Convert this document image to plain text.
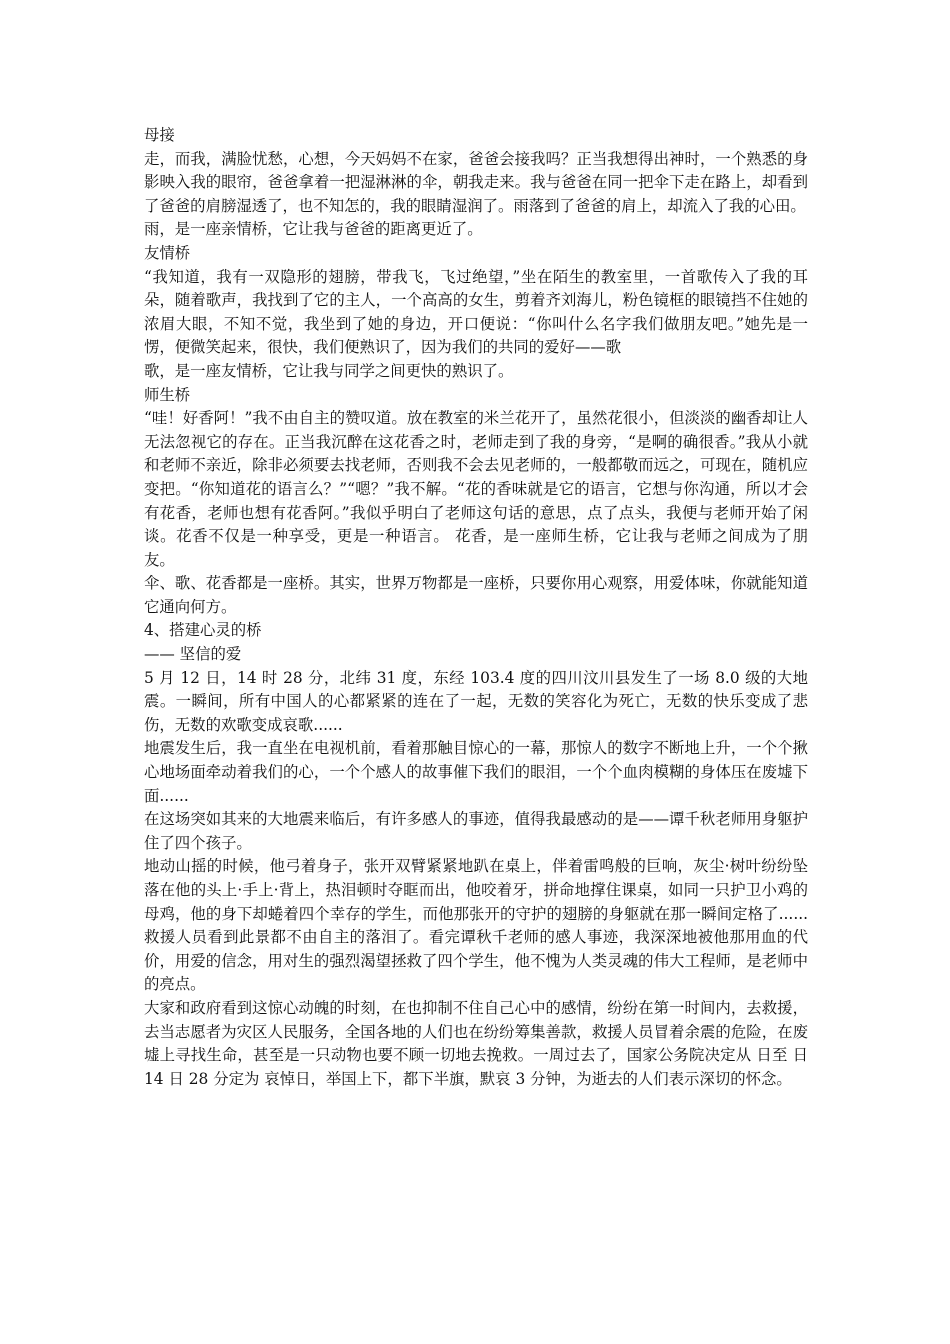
母接

走，而我，满脸忧愁，心想，今天妈妈不在家，爸爸会接我吗？正当我想得出神时，一个熟悉的身影映入我的眼帘，爸爸拿着一把湿淋淋的伞，朝我走来。我与爸爸在同一把伞下走在路上，却看到了爸爸的肩膀湿透了，也不知怎的，我的眼睛湿润了。雨落到了爸爸的肩上，却流入了我的心田。

雨，是一座亲情桥，它让我与爸爸的距离更近了。

友情桥

“我知道，我有一双隐形的翅膀，带我飞，飞过绝望，”坐在陌生的教室里，一首歌传入了我的耳朵，随着歌声，我找到了它的主人，一个高高的女生，剪着齐刘海儿，粉色镜框的眼镜挡不住她的浓眉大眼，不知不觉，我坐到了她的身边，开口便说：“你叫什么名字我们做朋友吧。”她先是一愣，便微笑起来，很快，我们便熟识了，因为我们的共同的爱好——歌

歌，是一座友情桥，它让我与同学之间更快的熟识了。

师生桥

“哇！好香阿！”我不由自主的赞叹道。放在教室的米兰花开了，虽然花很小，但淡淡的幽香却让人无法忽视它的存在。正当我沉醉在这花香之时，老师走到了我的身旁，“是啊的确很香。”我从小就和老师不亲近，除非必须要去找老师，否则我不会去见老师的，一般都敬而远之，可现在，随机应变把。“你知道花的语言么？”“嗯？”我不解。“花的香味就是它的语言，它想与你沟通，所以才会有花香，老师也想有花香阿。”我似乎明白了老师这句话的意思，点了点头，我便与老师开始了闲谈。花香不仅是一种享受，更是一种语言。 花香，是一座师生桥，它让我与老师之间成为了朋友。

伞、歌、花香都是一座桥。其实，世界万物都是一座桥，只要你用心观察，用爱体味，你就能知道它通向何方。

4、搭建心灵的桥

—— 坚信的爱

5 月 12 日，14 时 28 分，北纬 31 度，东经 103.4 度的四川汶川县发生了一场 8.0 级的大地震。一瞬间，所有中国人的心都紧紧的连在了一起，无数的笑容化为死亡，无数的快乐变成了悲伤，无数的欢歌变成哀歌......

地震发生后，我一直坐在电视机前，看着那触目惊心的一幕，那惊人的数字不断地上升，一个个揪心地场面牵动着我们的心，一个个感人的故事催下我们的眼泪，一个个血肉模糊的身体压在废墟下面......

在这场突如其来的大地震来临后，有许多感人的事迹，值得我最感动的是——谭千秋老师用身躯护住了四个孩子。

地动山摇的时候，他弓着身子，张开双臂紧紧地趴在桌上，伴着雷鸣般的巨响，灰尘·树叶纷纷坠落在他的头上·手上·背上，热泪顿时夺眶而出，他咬着牙，拼命地撑住课桌，如同一只护卫小鸡的母鸡，他的身下却蜷着四个幸存的学生，而他那张开的守护的翅膀的身躯就在那一瞬间定格了......救援人员看到此景都不由自主的落泪了。看完谭秋千老师的感人事迹，我深深地被他那用血的代价，用爱的信念，用对生的强烈渴望拯救了四个学生，他不愧为人类灵魂的伟大工程师，是老师中的亮点。

大家和政府看到这惊心动魄的时刻，在也抑制不住自己心中的感情，纷纷在第一时间内，去救援，去当志愿者为灾区人民服务，全国各地的人们也在纷纷筹集善款，救援人员冒着余震的危险，在废墟上寻找生命，甚至是一只动物也要不顾一切地去挽救。一周过去了，国家公务院决定从 日至 日 14 日 28 分定为 哀悼日，举国上下，都下半旗，默哀 3 分钟，为逝去的人们表示深切的怀念。
